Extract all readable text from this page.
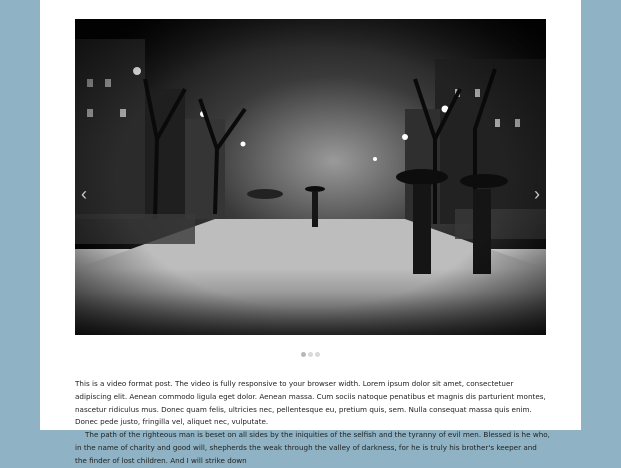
‹	›

This is a video format post. The video is fully responsive to your browser width. Lorem ipsum dolor sit amet, consectetuer adipiscing elit. Aenean commodo ligula eget dolor. Aenean massa. Cum sociis natoque penatibus et magnis dis parturient montes, nascetur ridiculus mus. Donec quam felis, ultricies nec, pellentesque eu, pretium quis, sem. Nulla consequat massa quis enim. Donec pede justo, fringilla vel, aliquet nec, vulputate.

The path of the righteous man is beset on all sides by the iniquities of the selfish and the tyranny of evil men. Blessed is he who, in the name of charity and good will, shepherds the weak through the valley of darkness, for he is truly his brother's keeper and the finder of lost children. And I will strike down
